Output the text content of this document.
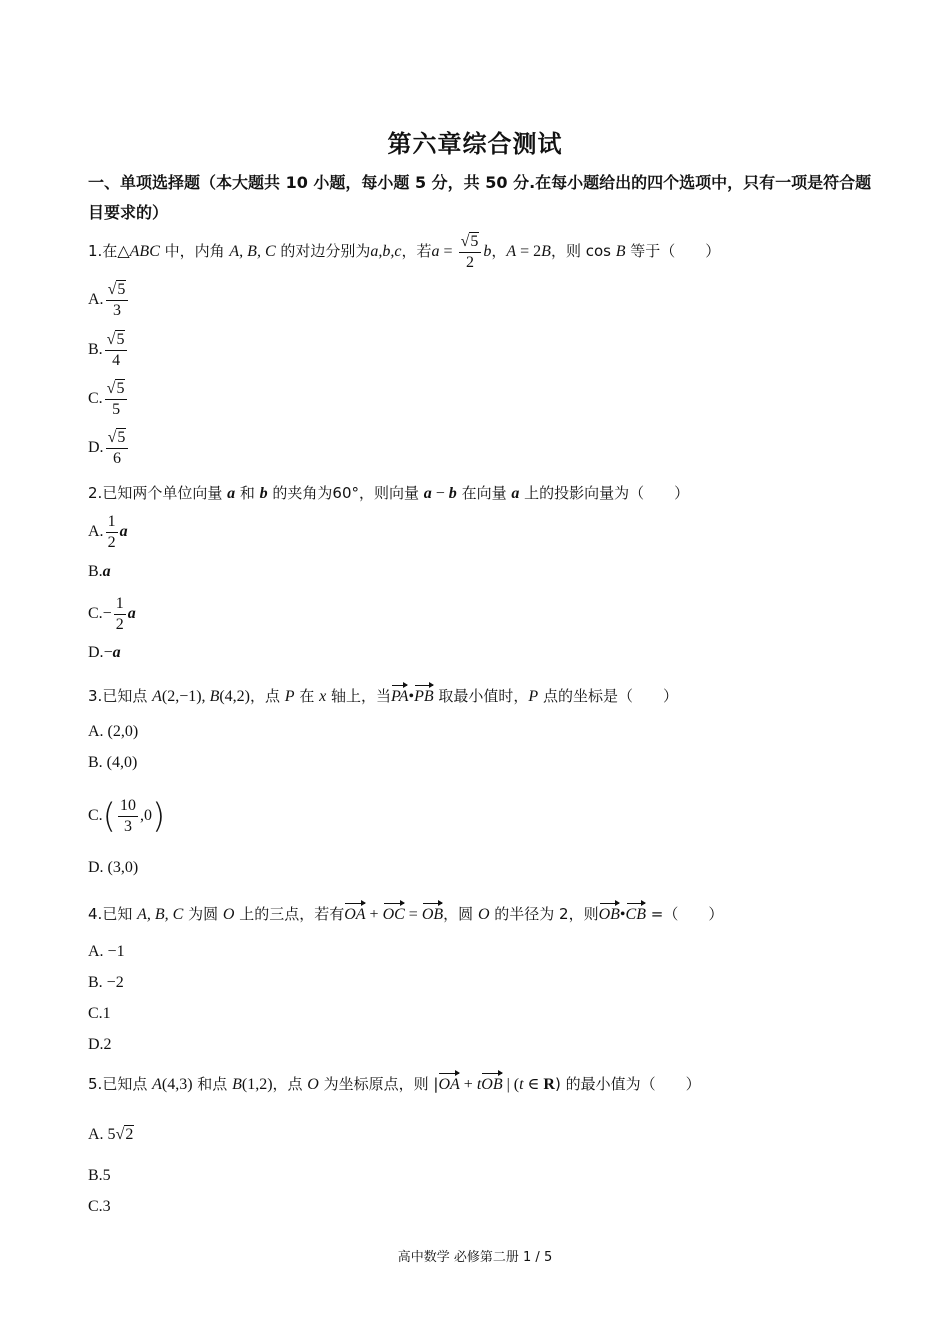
第六章综合测试
一、单项选择题（本大题共 10 小题，每小题 5 分，共 50 分.在每小题给出的四个选项中，只有一项是符合题目要求的）
1.在△ABC 中，内角 A, B, C 的对边分别为a,b,c，若$a = \frac{√5}{2}$ b，A = 2B，则 cos B 等于（　　）
A. $\frac{√5}{3}$
B. $\frac{√5}{4}$
C. $\frac{√5}{5}$
D. $\frac{√5}{6}$
2.已知两个单位向量 a 和 b 的夹角为60°，则向量 a − b 在向量 a 上的投影向量为（　　）
A. $\frac{1}{2}$ a
B.a
$C.- \frac{1}{2}$ a
D.−a
3.已知点 A(2,−1), B(4,2)，点 P 在 x 轴上，当PA•PB 取最小值时，P 点的坐标是（　　）
A. (2,0)
B. (4,0)
$C.( \frac{10}{3} ,0)$
D. (3,0)
4.已知 A, B, C 为圆 O 上的三点，若有OA + OC = OB，圆 O 的半径为 2，则OB•CB =（　　）
A. −1
B. −2
C.1
D.2
5.已知点 A(4,3) 和点 B(1,2)，点 O 为坐标原点，则 |OA + tOB | (t ∈ R) 的最小值为（　　）
A. 5√2
B.5
C.3
高中数学 必修第二册 1 / 5
